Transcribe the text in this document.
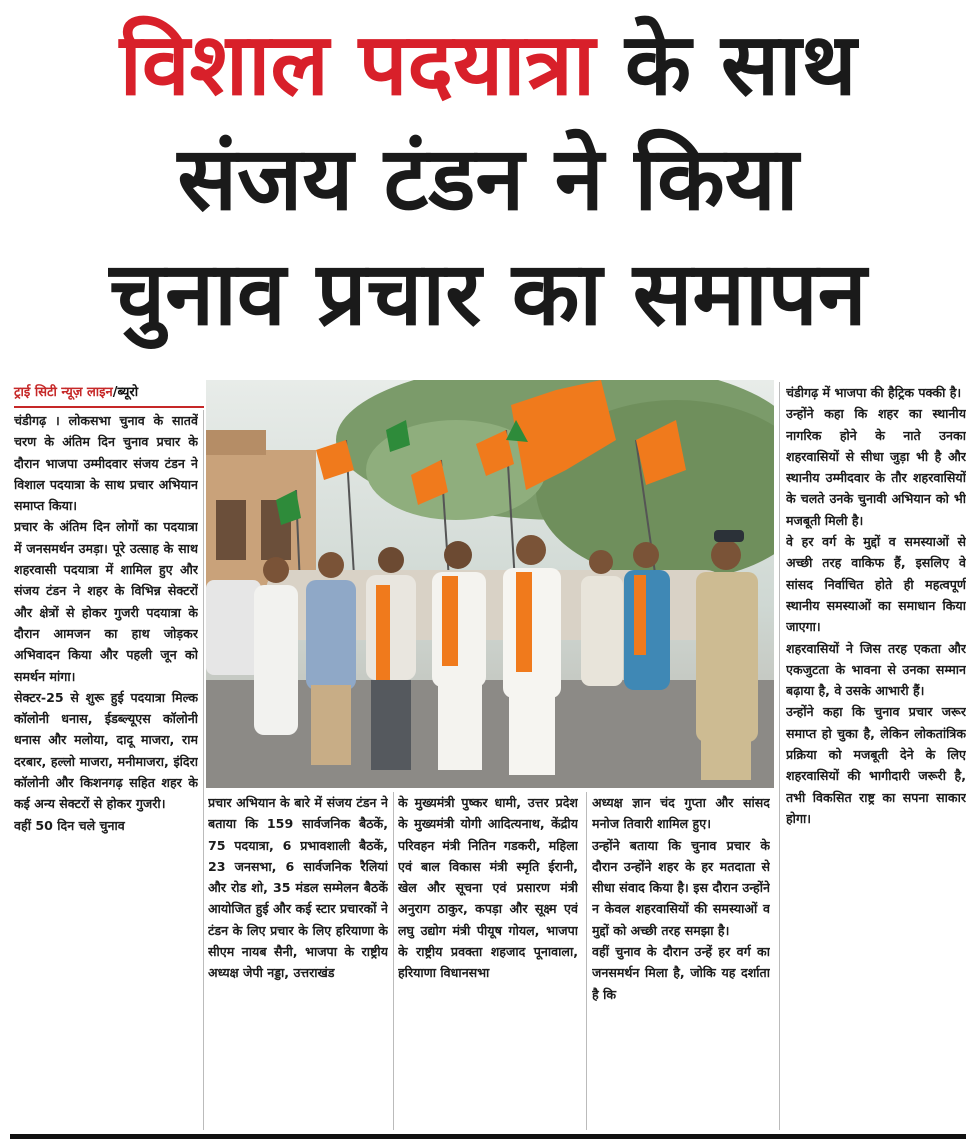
विशाल पदयात्रा के साथ
संजय टंडन ने किया
चुनाव प्रचार का समापन
ट्राई सिटी न्यूज़ लाइन/ब्यूरो

चंडीगढ़ । लोकसभा चुनाव के सातवें चरण के अंतिम दिन चुनाव प्रचार के दौरान भाजपा उम्मीदवार संजय टंडन ने विशाल पदयात्रा के साथ प्रचार अभियान समाप्त किया।

प्रचार के अंतिम दिन लोगों का पदयात्रा में जनसमर्थन उमड़ा। पूरे उत्साह के साथ शहरवासी पदयात्रा में शामिल हुए और संजय टंडन ने शहर के विभिन्न सेक्टरों और क्षेत्रों से होकर गुजरी पदयात्रा के दौरान आमजन का हाथ जोड़कर अभिवादन किया और पहली जून को समर्थन मांगा।

सेक्टर-25 से शुरू हुई पदयात्रा मिल्क कॉलोनी धनास, ईडब्ल्यूएस कॉलोनी धनास और मलोया, दादू माजरा, राम दरबार, हल्लो माजरा, मनीमाजरा, इंदिरा कॉलोनी और किशनगढ़ सहित शहर के कई अन्य सेक्टरों से होकर गुजरी।

वहीं 50 दिन चले चुनाव

प्रचार अभियान के बारे में संजय टंडन ने बताया कि 159 सार्वजनिक बैठकें, 75 पदयात्रा, 6 प्रभावशाली बैठकें, 23 जनसभा, 6 सार्वजनिक रैलियां और रोड शो, 35 मंडल सम्मेलन बैठकें आयोजित हुई और कई स्टार प्रचारकों ने टंडन के लिए प्रचार के लिए हरियाणा के सीएम नायब सैनी, भाजपा के राष्ट्रीय अध्यक्ष जेपी नड्डा, उत्तराखंड

के मुख्यमंत्री पुष्कर धामी, उत्तर प्रदेश के मुख्यमंत्री योगी आदित्यनाथ, केंद्रीय परिवहन मंत्री नितिन गडकरी, महिला एवं बाल विकास मंत्री स्मृति ईरानी, खेल और सूचना एवं प्रसारण मंत्री अनुराग ठाकुर, कपड़ा और सूक्ष्म एवं लघु उद्योग मंत्री पीयूष गोयल, भाजपा के राष्ट्रीय प्रवक्ता शहजाद पूनावाला, हरियाणा विधानसभा

अध्यक्ष ज्ञान चंद गुप्ता और सांसद मनोज तिवारी शामिल हुए।

उन्होंने बताया कि चुनाव प्रचार के दौरान उन्होंने शहर के हर मतदाता से सीधा संवाद किया है। इस दौरान उन्होंने न केवल शहरवासियों की समस्याओं व मुद्दों को अच्छी तरह समझा है।

वहीं चुनाव के दौरान उन्हें हर वर्ग का जनसमर्थन मिला है, जोकि यह दर्शाता है कि

चंडीगढ़ में भाजपा की हैट्रिक पक्की है।

उन्होंने कहा कि शहर का स्थानीय नागरिक होने के नाते उनका शहरवासियों से सीधा जुड़ा भी है और स्थानीय उम्मीदवार के तौर शहरवासियों के चलते उनके चुनावी अभियान को भी मजबूती मिली है।

वे हर वर्ग के मुद्दों व समस्याओं से अच्छी तरह वाकिफ हैं, इसलिए वे सांसद निर्वाचित होते ही महत्वपूर्ण स्थानीय समस्याओं का समाधान किया जाएगा।

शहरवासियों ने जिस तरह एकता और एकजुटता के भावना से उनका सम्मान बढ़ाया है, वे उसके आभारी हैं।

उन्होंने कहा कि चुनाव प्रचार जरूर समाप्त हो चुका है, लेकिन लोकतांत्रिक प्रक्रिया को मजबूती देने के लिए शहरवासियों की भागीदारी जरूरी है, तभी विकसित राष्ट्र का सपना साकार होगा।
